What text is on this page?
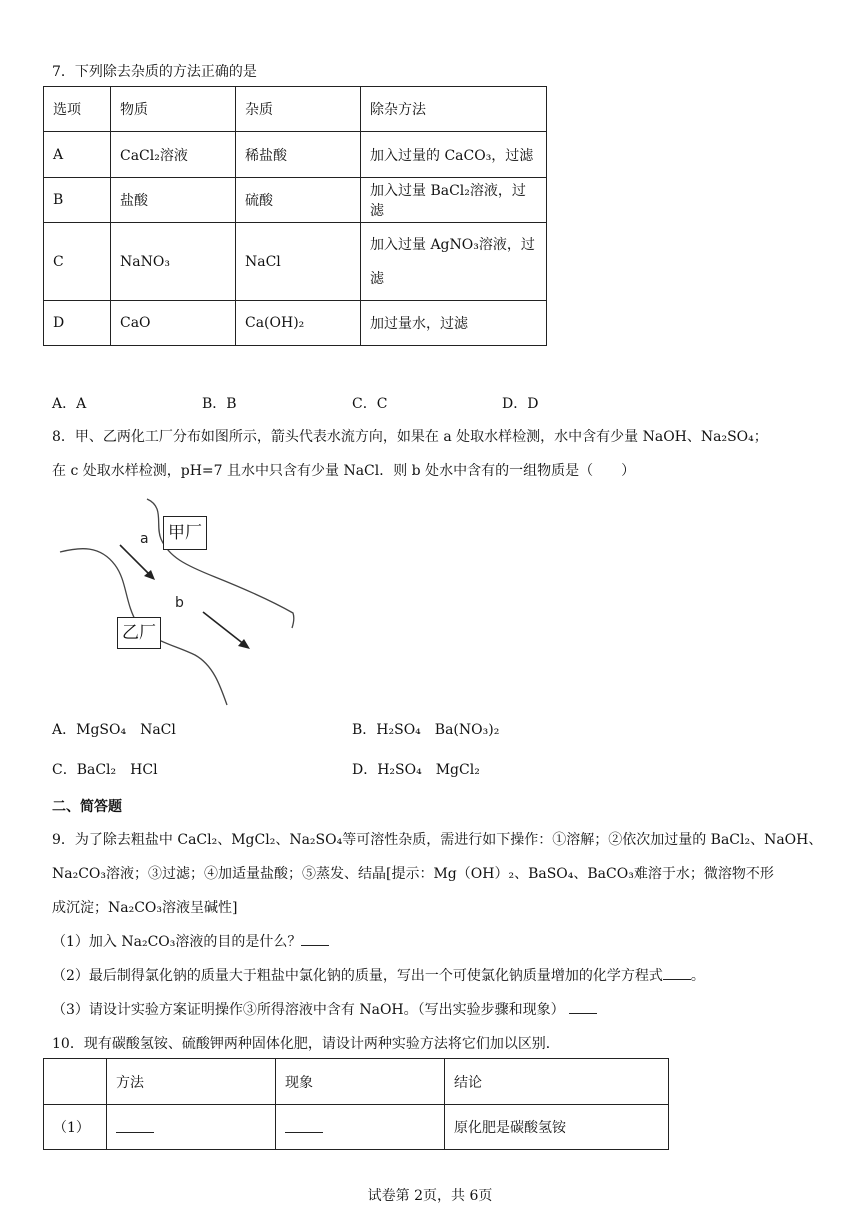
7．下列除去杂质的方法正确的是
选项	物质	杂质	除杂方法
A	CaCl₂溶液	稀盐酸	加入过量的 CaCO₃，过滤
B	盐酸	硫酸	加入过量 BaCl₂溶液，过滤
C	NaNO₃	NaCl	加入过量 AgNO₃溶液，过
滤

D	CaO	Ca(OH)₂	加过量水，过滤
A．A	B．B	C．C	D．D
8．甲、乙两化工厂分布如图所示，箭头代表水流方向，如果在 a 处取水样检测，水中含有少量 NaOH、Na₂SO₄；
在 c 处取水样检测，pH=7 且水中只含有少量 NaCl．则 b 处水中含有的一组物质是（　　）
a
b
甲厂
乙厂
A．MgSO₄　NaCl	B．H₂SO₄　Ba(NO₃)₂
C．BaCl₂　HCl	D．H₂SO₄　MgCl₂
二、简答题
9．为了除去粗盐中 CaCl₂、MgCl₂、Na₂SO₄等可溶性杂质，需进行如下操作：①溶解；②依次加过量的 BaCl₂、NaOH、
Na₂CO₃溶液；③过滤；④加适量盐酸；⑤蒸发、结晶[提示：Mg（OH）₂、BaSO₄、BaCO₃难溶于水；微溶物不形
成沉淀；Na₂CO₃溶液呈碱性]
（1）加入 Na₂CO₃溶液的目的是什么？
（2）最后制得氯化钠的质量大于粗盐中氯化钠的质量，写出一个可使氯化钠质量增加的化学方程式 。
（3）请设计实验方案证明操作③所得溶液中含有 NaOH。（写出实验步骤和现象）
10．现有碳酸氢铵、硫酸钾两种固体化肥，请设计两种实验方法将它们加以区别．
	方法	现象	结论
（1）			原化肥是碳酸氢铵
试卷第 2页，共 6页
